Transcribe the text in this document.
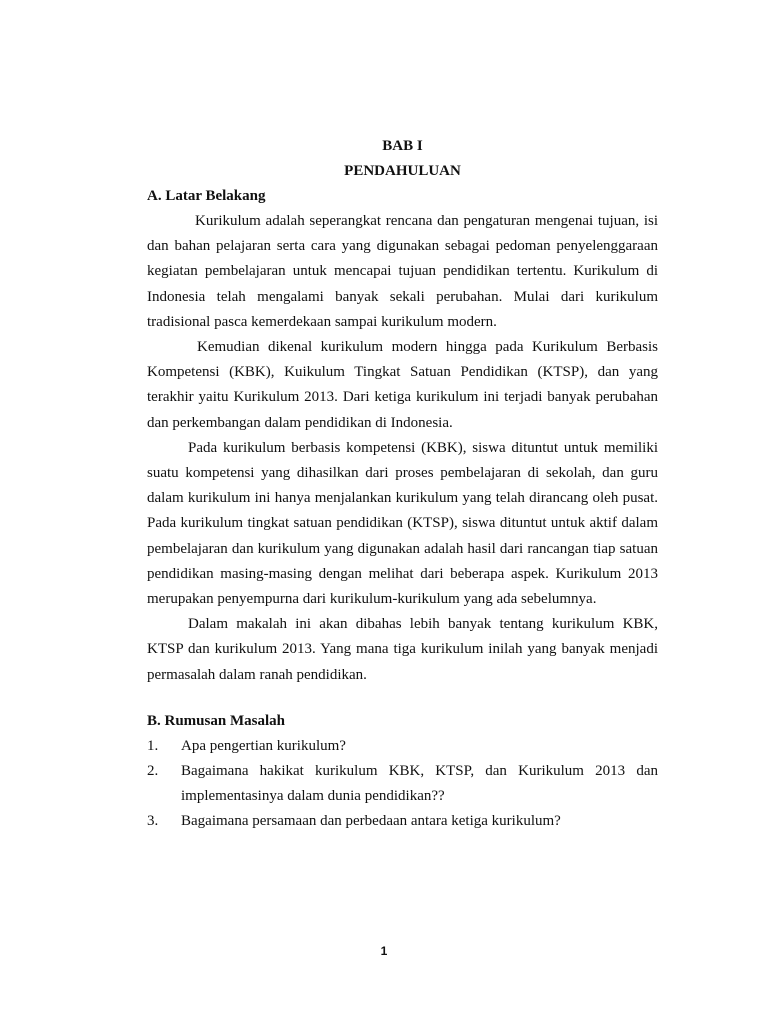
BAB I
PENDAHULUAN
A. Latar Belakang

Kurikulum adalah seperangkat rencana dan pengaturan mengenai tujuan, isi dan bahan pelajaran serta cara yang digunakan sebagai pedoman penyelenggaraan kegiatan pembelajaran untuk mencapai tujuan pendidikan tertentu. Kurikulum di Indonesia telah mengalami banyak sekali perubahan. Mulai dari kurikulum tradisional pasca kemerdekaan sampai kurikulum modern.

Kemudian dikenal kurikulum modern hingga pada Kurikulum Berbasis Kompetensi (KBK), Kuikulum Tingkat Satuan Pendidikan (KTSP), dan yang terakhir yaitu Kurikulum 2013. Dari ketiga kurikulum ini terjadi banyak perubahan dan perkembangan dalam pendidikan di Indonesia.

Pada kurikulum berbasis kompetensi (KBK), siswa dituntut untuk memiliki suatu kompetensi yang dihasilkan dari proses pembelajaran di sekolah, dan guru dalam kurikulum ini hanya menjalankan kurikulum yang telah dirancang oleh pusat. Pada kurikulum tingkat satuan pendidikan (KTSP), siswa dituntut untuk aktif dalam pembelajaran dan kurikulum yang digunakan adalah hasil dari rancangan tiap satuan pendidikan masing-masing dengan melihat dari beberapa aspek. Kurikulum 2013 merupakan penyempurna dari kurikulum-kurikulum yang ada sebelumnya.

Dalam makalah ini akan dibahas lebih banyak tentang kurikulum KBK, KTSP dan kurikulum 2013. Yang mana tiga kurikulum inilah yang banyak menjadi permasalah dalam ranah pendidikan.

B. Rumusan Masalah
1. Apa pengertian kurikulum?
2. Bagaimana hakikat kurikulum KBK, KTSP, dan Kurikulum 2013 dan implementasinya dalam dunia pendidikan??
3. Bagaimana persamaan dan perbedaan antara ketiga kurikulum?
1
